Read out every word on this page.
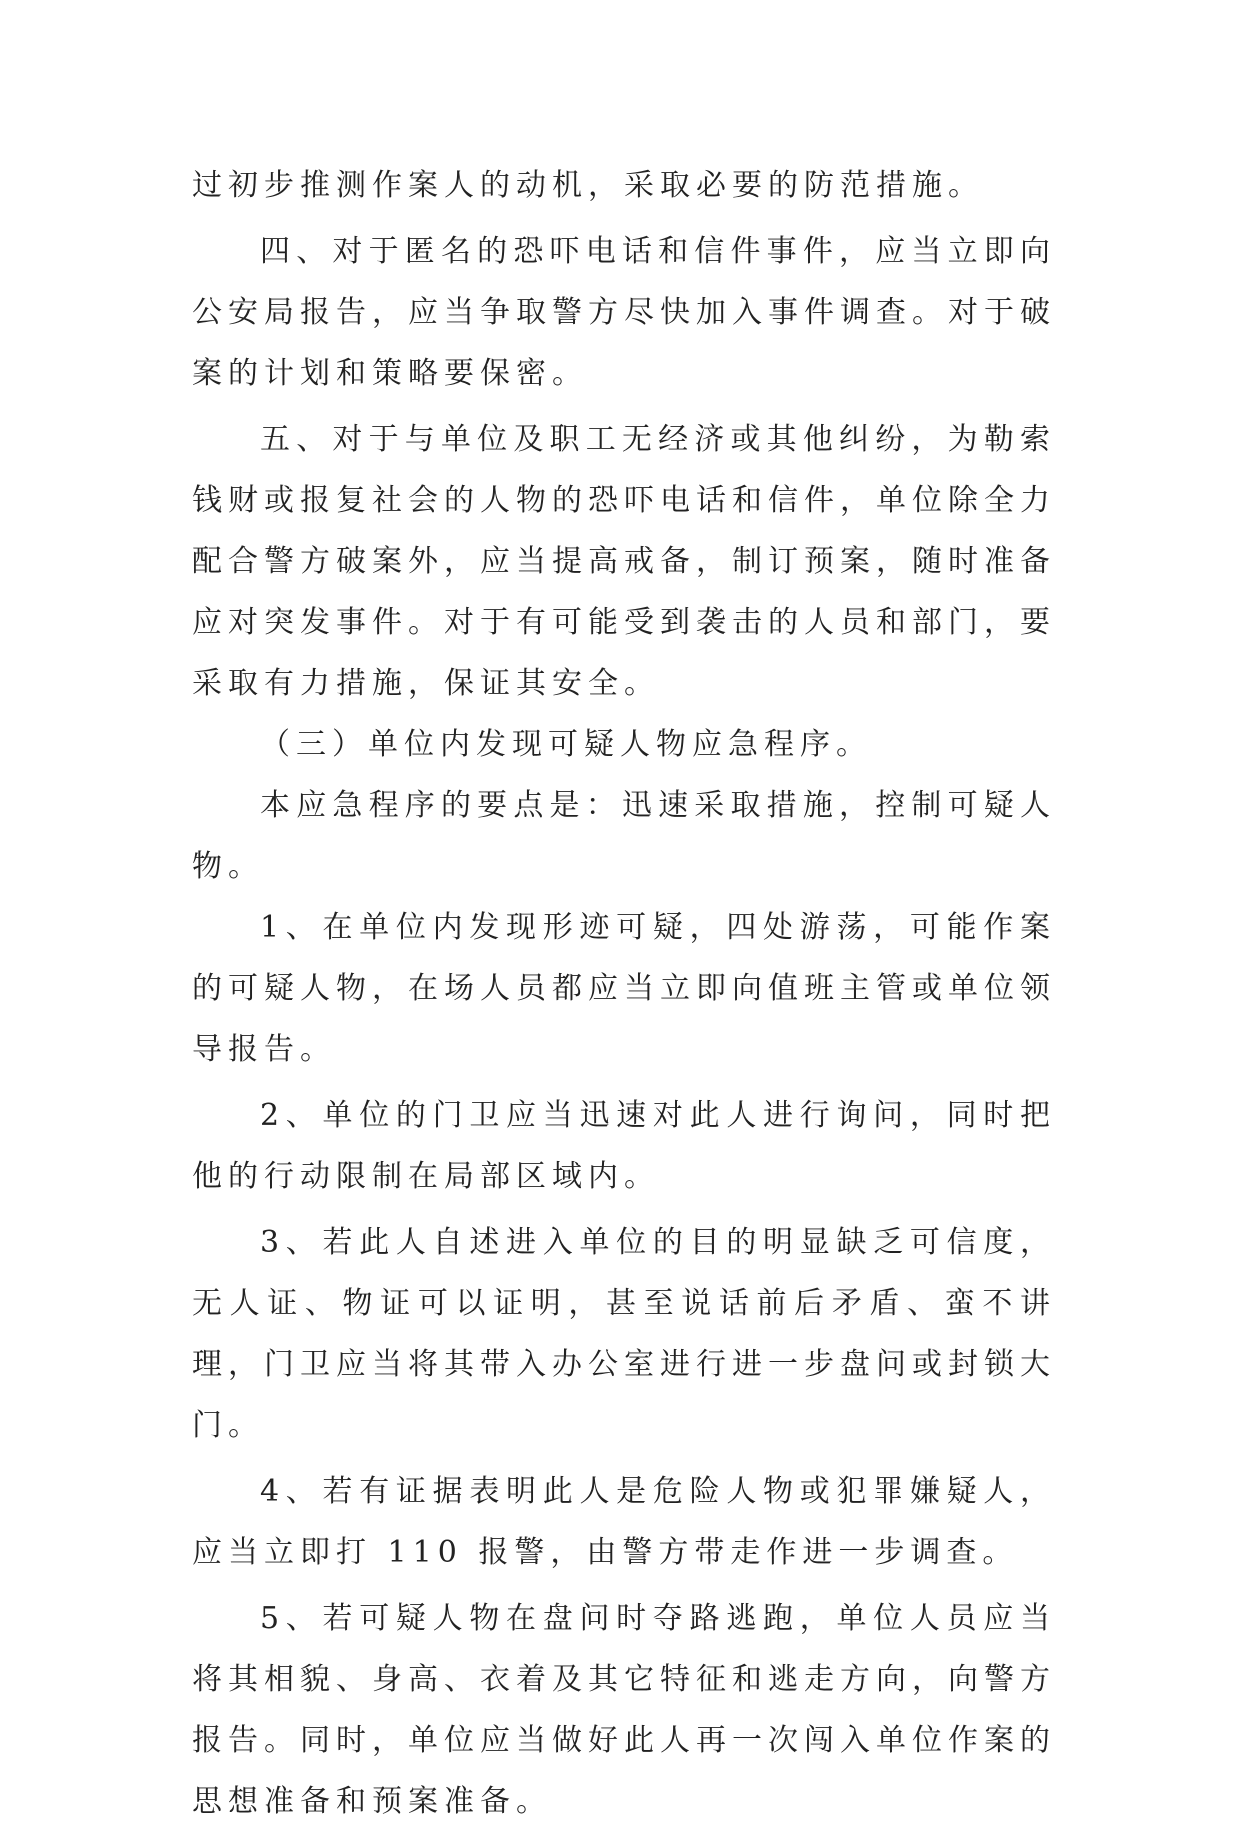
过初步推测作案人的动机，采取必要的防范措施。

四、对于匿名的恐吓电话和信件事件，应当立即向公安局报告，应当争取警方尽快加入事件调查。对于破案的计划和策略要保密。

五、对于与单位及职工无经济或其他纠纷，为勒索钱财或报复社会的人物的恐吓电话和信件，单位除全力配合警方破案外，应当提高戒备，制订预案，随时准备应对突发事件。对于有可能受到袭击的人员和部门，要采取有力措施，保证其安全。

（三）单位内发现可疑人物应急程序。

本应急程序的要点是：迅速采取措施，控制可疑人物。

1、在单位内发现形迹可疑，四处游荡，可能作案的可疑人物，在场人员都应当立即向值班主管或单位领导报告。

2、单位的门卫应当迅速对此人进行询问，同时把他的行动限制在局部区域内。

3、若此人自述进入单位的目的明显缺乏可信度，无人证、物证可以证明，甚至说话前后矛盾、蛮不讲理，门卫应当将其带入办公室进行进一步盘问或封锁大门。

4、若有证据表明此人是危险人物或犯罪嫌疑人，应当立即打 110 报警，由警方带走作进一步调查。

5、若可疑人物在盘问时夺路逃跑，单位人员应当将其相貌、身高、衣着及其它特征和逃走方向，向警方报告。同时，单位应当做好此人再一次闯入单位作案的思想准备和预案准备。
